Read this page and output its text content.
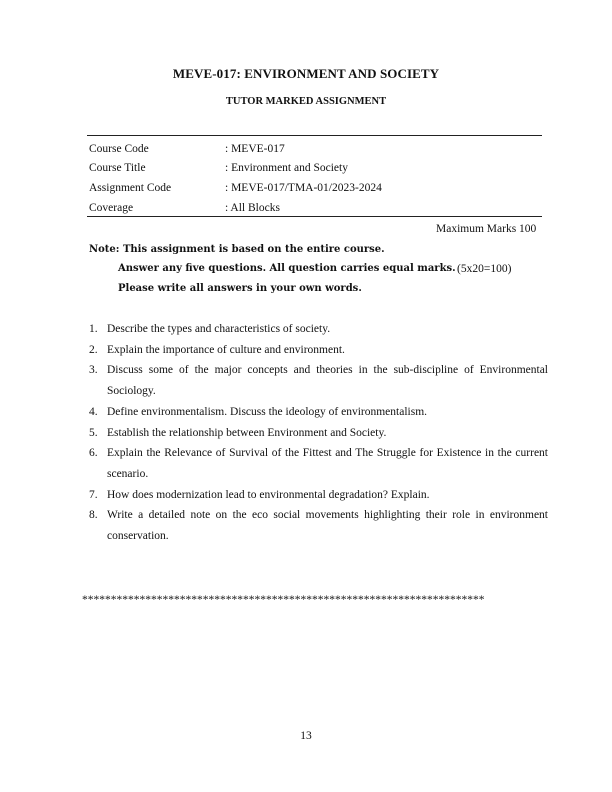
MEVE-017: ENVIRONMENT AND SOCIETY
TUTOR MARKED ASSIGNMENT
Course Code	: MEVE-017
Course Title	: Environment and Society
Assignment Code	: MEVE-017/TMA-01/2023-2024
Coverage	: All Blocks
Maximum Marks 100
Note: This assignment is based on the entire course.
Answer any five questions. All question carries equal marks. (5x20=100)
Please write all answers in your own words.
1. Describe the types and characteristics of society.
2. Explain the importance of culture and environment.
3. Discuss some of the major concepts and theories in the sub-discipline of Environmental Sociology.
4. Define environmentalism. Discuss the ideology of environmentalism.
5. Establish the relationship between Environment and Society.
6. Explain the Relevance of Survival of the Fittest and The Struggle for Existence in the current scenario.
7. How does modernization lead to environmental degradation? Explain.
8. Write a detailed note on the eco social movements highlighting their role in environment conservation.
**********************************************************************
13
